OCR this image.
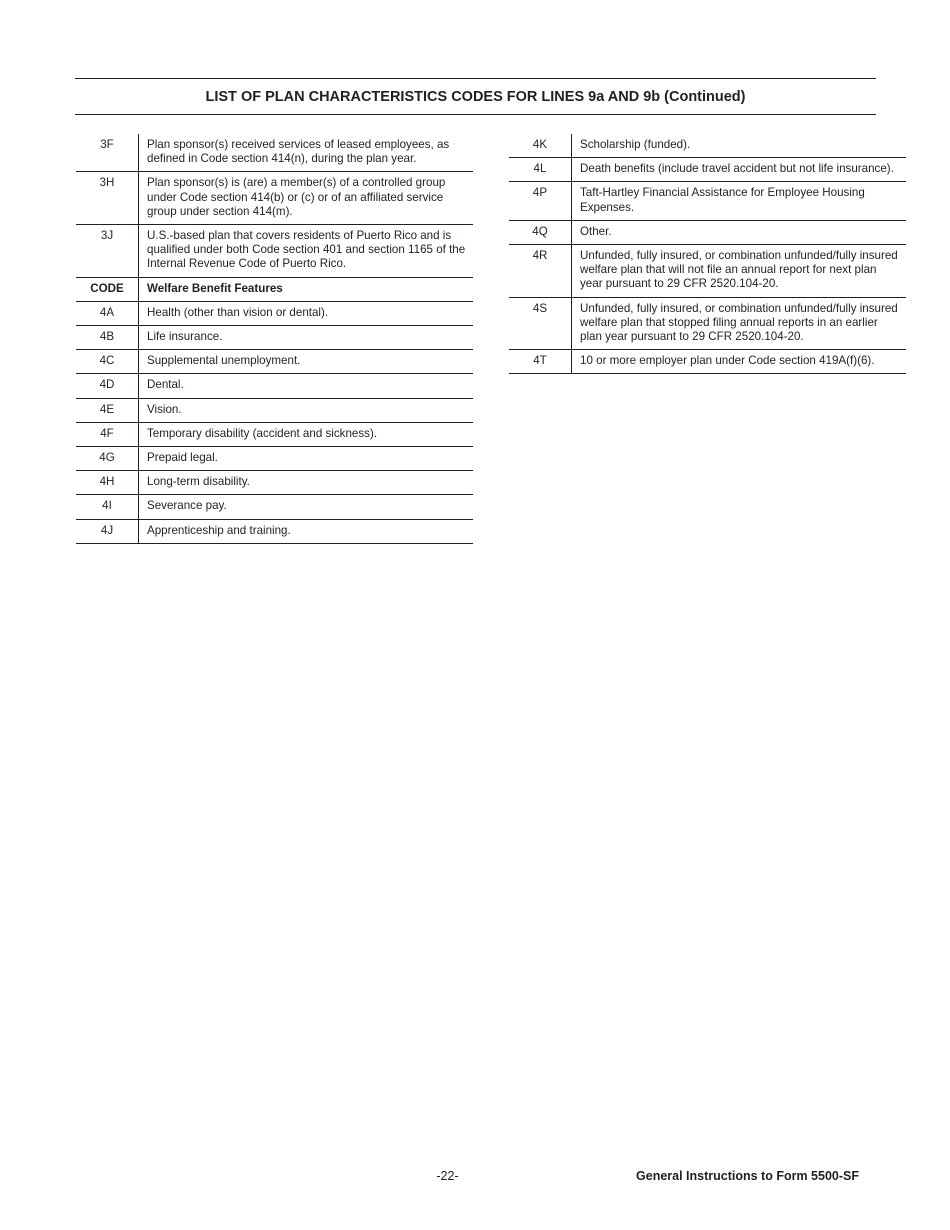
LIST OF PLAN CHARACTERISTICS CODES FOR LINES 9a AND 9b (Continued)
3F	Plan sponsor(s) received services of leased employees, as defined in Code section 414(n), during the plan year.
3H	Plan sponsor(s) is (are) a member(s) of a controlled group under Code section 414(b) or (c) or of an affiliated service group under section 414(m).
3J	U.S.-based plan that covers residents of Puerto Rico and is qualified under both Code section 401 and section 1165 of the Internal Revenue Code of Puerto Rico.
CODE	Welfare Benefit Features
4A	Health (other than vision or dental).
4B	Life insurance.
4C	Supplemental unemployment.
4D	Dental.
4E	Vision.
4F	Temporary disability (accident and sickness).
4G	Prepaid legal.
4H	Long-term disability.
4I	Severance pay.
4J	Apprenticeship and training.
4K	Scholarship (funded).
4L	Death benefits (include travel accident but not life insurance).
4P	Taft-Hartley Financial Assistance for Employee Housing Expenses.
4Q	Other.
4R	Unfunded, fully insured, or combination unfunded/fully insured welfare plan that will not file an annual report for next plan year pursuant to 29 CFR 2520.104-20.
4S	Unfunded, fully insured, or combination unfunded/fully insured welfare plan that stopped filing annual reports in an earlier plan year pursuant to 29 CFR 2520.104-20.
4T	10 or more employer plan under Code section 419A(f)(6).
-22-	General Instructions to Form 5500-SF
